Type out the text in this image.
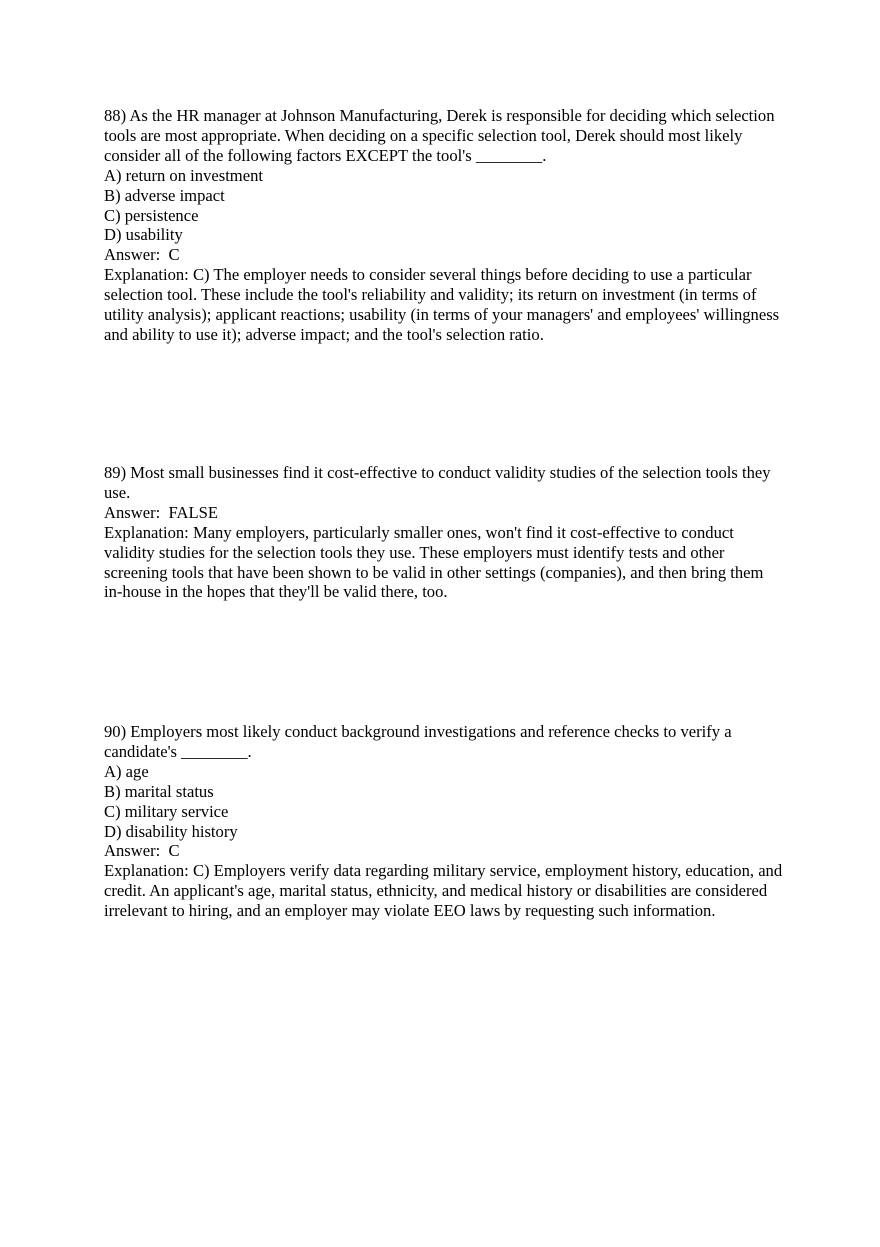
88) As the HR manager at Johnson Manufacturing, Derek is responsible for deciding which selection tools are most appropriate. When deciding on a specific selection tool, Derek should most likely consider all of the following factors EXCEPT the tool's ________.

A) return on investment

B) adverse impact

C) persistence

D) usability

Answer:  C

Explanation: C) The employer needs to consider several things before deciding to use a particular selection tool. These include the tool's reliability and validity; its return on investment (in terms of utility analysis); applicant reactions; usability (in terms of your managers' and employees' willingness and ability to use it); adverse impact; and the tool's selection ratio.

89) Most small businesses find it cost-effective to conduct validity studies of the selection tools they use.

Answer:  FALSE

Explanation: Many employers, particularly smaller ones, won't find it cost-effective to conduct validity studies for the selection tools they use. These employers must identify tests and other screening tools that have been shown to be valid in other settings (companies), and then bring them in-house in the hopes that they'll be valid there, too.

90) Employers most likely conduct background investigations and reference checks to verify a candidate's ________.

A) age

B) marital status

C) military service

D) disability history

Answer:  C

Explanation: C) Employers verify data regarding military service, employment history, education, and credit. An applicant's age, marital status, ethnicity, and medical history or disabilities are considered irrelevant to hiring, and an employer may violate EEO laws by requesting such information.
